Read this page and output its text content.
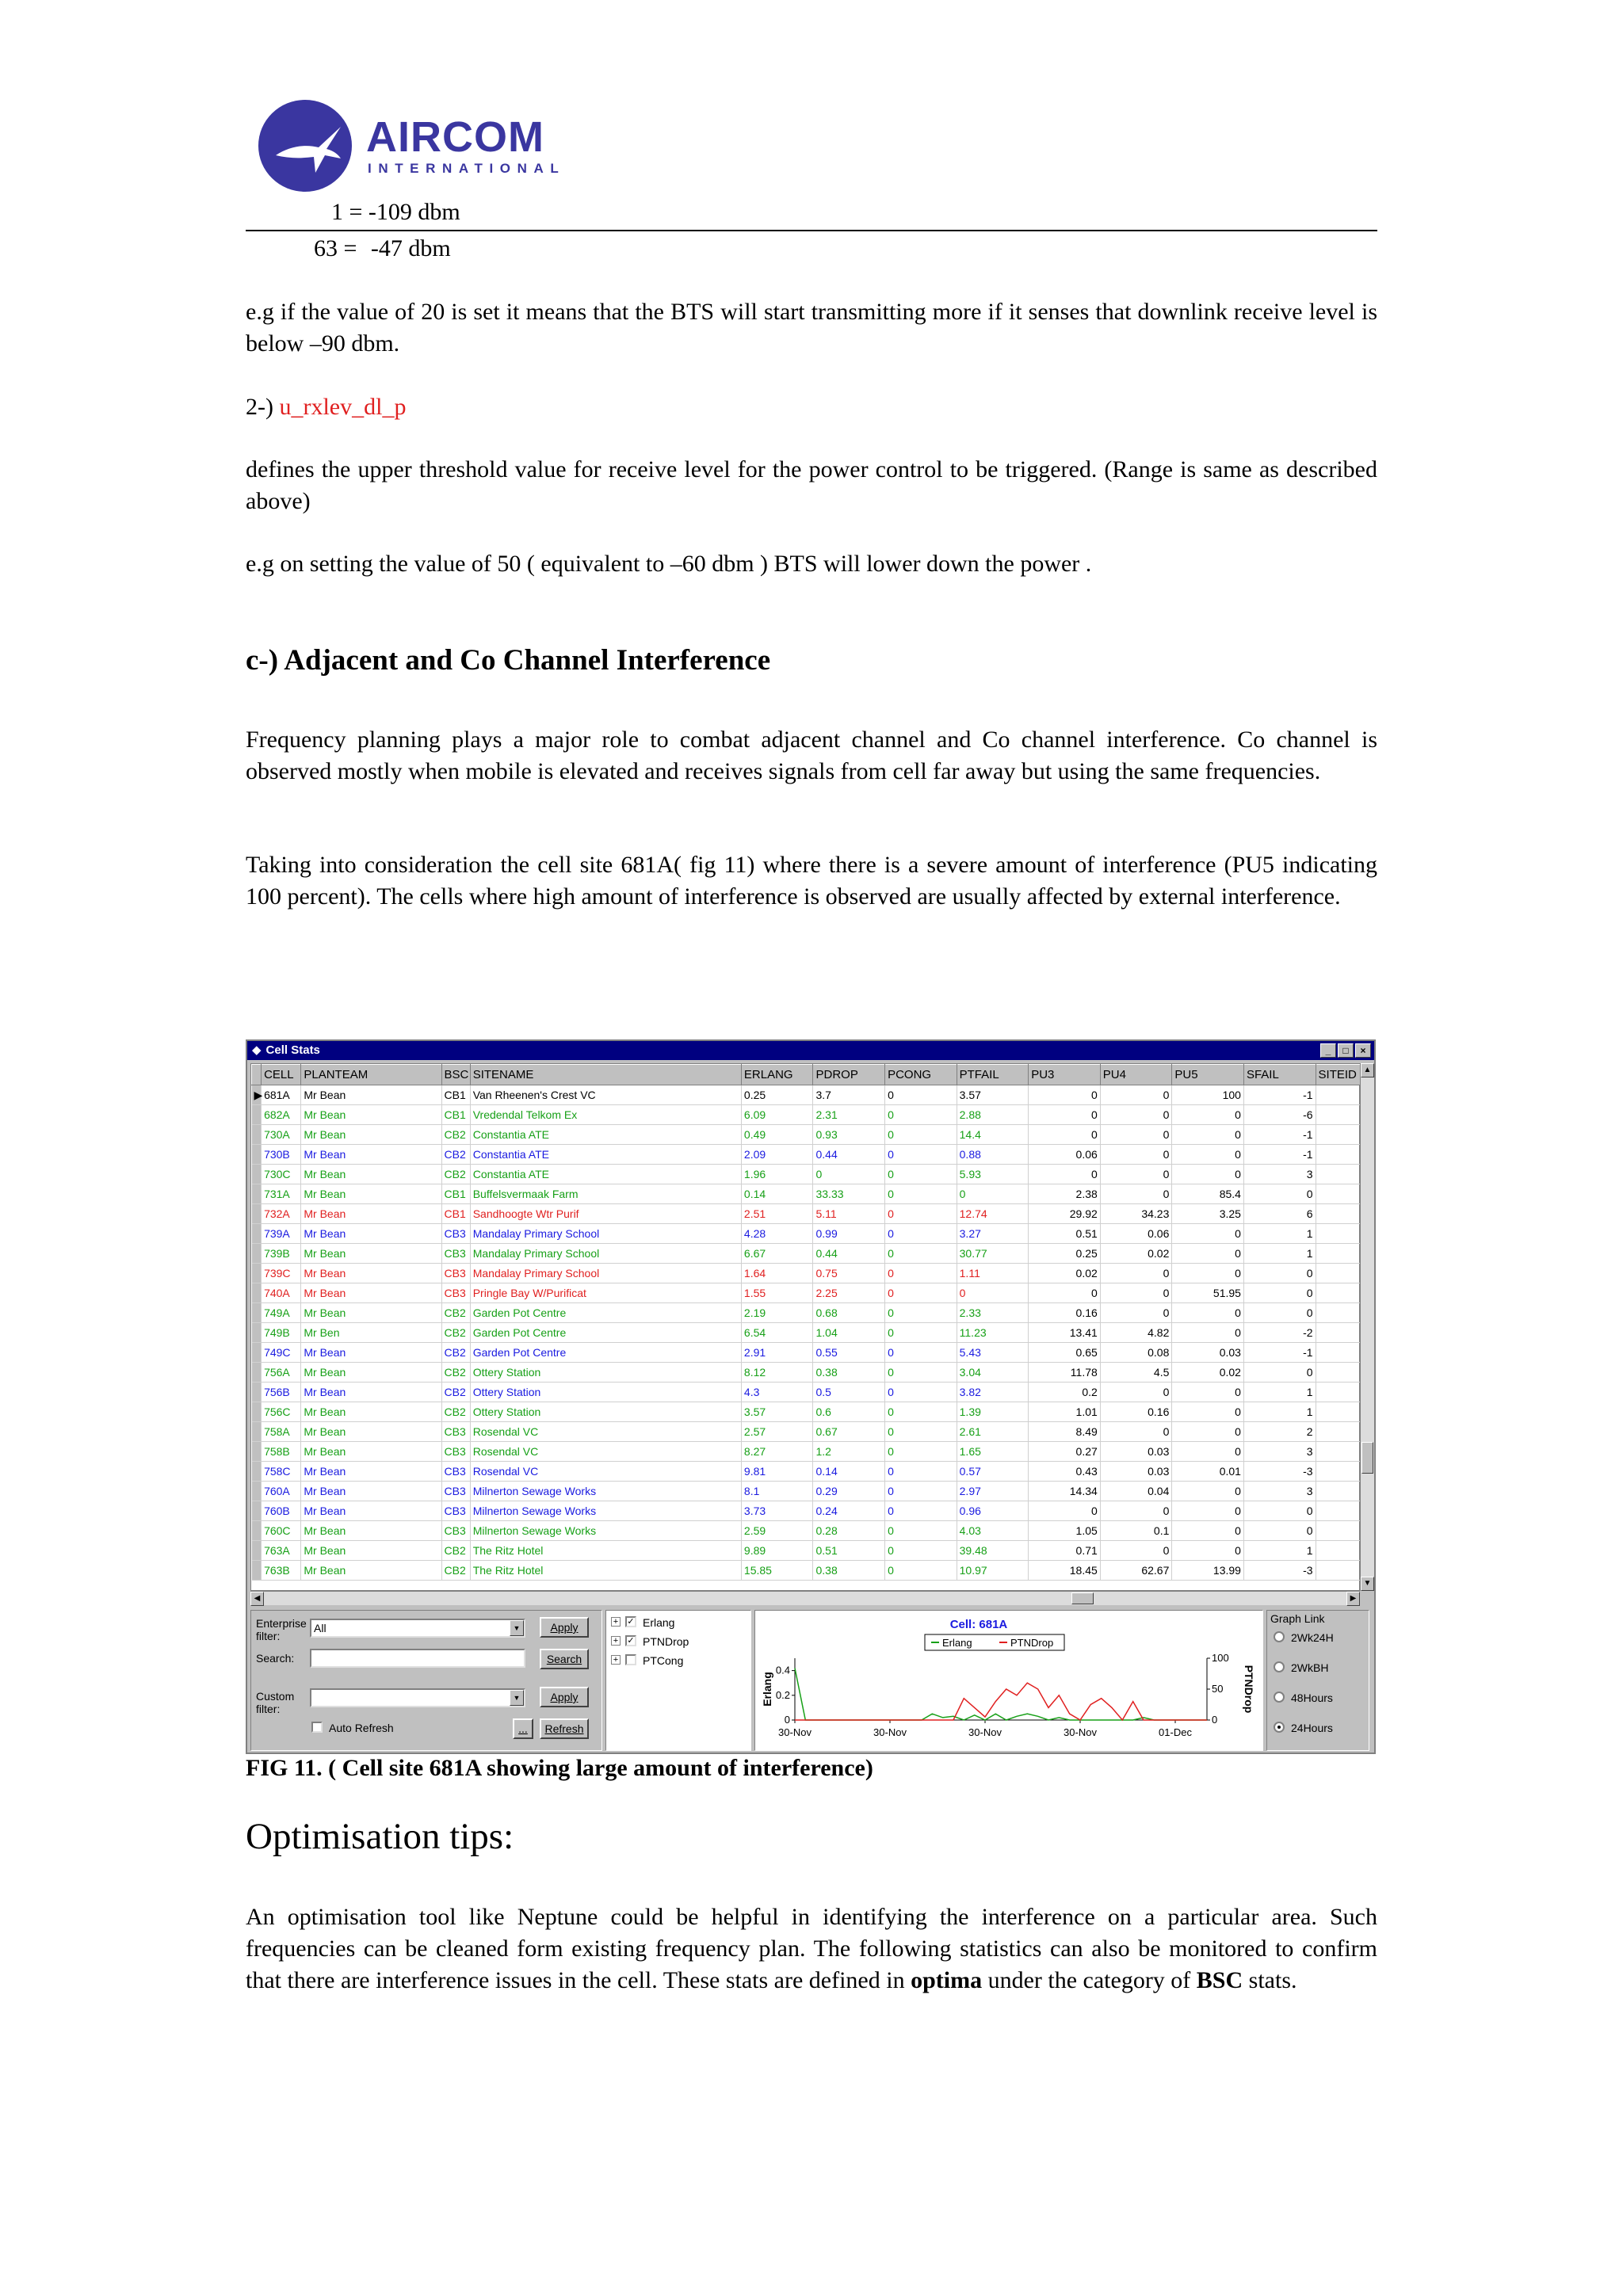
AIRCOM
INTERNATIONAL
1 = -109 dbm
63 = -47 dbm

e.g if the value of 20 is set it means that the BTS will start transmitting more if it senses that downlink receive level is below –90 dbm.

2-) u_rxlev_dl_p

defines the upper threshold value for receive level for the power control to be triggered. (Range is same as described above)

e.g on setting the value of 50 ( equivalent to –60 dbm ) BTS will lower down the power .

c-) Adjacent and Co Channel Interference

Frequency planning plays a major role to combat adjacent channel and Co channel interference. Co channel is observed mostly when mobile is elevated and receives signals from cell far away but using the same frequencies.

Taking into consideration the cell site 681A( fig 11) where there is a severe amount of interference (PU5 indicating 100 percent). The cells where high amount of interference is observed are usually affected by external interference.

◆ Cell Stats	_	□	×
	CELL	PLANTEAM	BSC	SITENAME	ERLANG	PDROP	PCONG	PTFAIL	PU3	PU4	PU5	SFAIL	SITEID
▶	681A	Mr Bean	CB1	Van Rheenen's Crest VC	0.25	3.7	0	3.57	0	0	100	-1	
	682A	Mr Bean	CB1	Vredendal Telkom Ex	6.09	2.31	0	2.88	0	0	0	-6	
	730A	Mr Bean	CB2	Constantia ATE	0.49	0.93	0	14.4	0	0	0	-1	
	730B	Mr Bean	CB2	Constantia ATE	2.09	0.44	0	0.88	0.06	0	0	-1	
	730C	Mr Bean	CB2	Constantia ATE	1.96	0	0	5.93	0	0	0	3	
	731A	Mr Bean	CB1	Buffelsvermaak Farm	0.14	33.33	0	0	2.38	0	85.4	0	
	732A	Mr Bean	CB1	Sandhoogte Wtr Purif	2.51	5.11	0	12.74	29.92	34.23	3.25	6	
	739A	Mr Bean	CB3	Mandalay Primary School	4.28	0.99	0	3.27	0.51	0.06	0	1	
	739B	Mr Bean	CB3	Mandalay Primary School	6.67	0.44	0	30.77	0.25	0.02	0	1	
	739C	Mr Bean	CB3	Mandalay Primary School	1.64	0.75	0	1.11	0.02	0	0	0	
	740A	Mr Bean	CB3	Pringle Bay W/Purificat	1.55	2.25	0	0	0	0	51.95	0	
	749A	Mr Bean	CB2	Garden Pot Centre	2.19	0.68	0	2.33	0.16	0	0	0	
	749B	Mr Ben	CB2	Garden Pot Centre	6.54	1.04	0	11.23	13.41	4.82	0	-2	
	749C	Mr Bean	CB2	Garden Pot Centre	2.91	0.55	0	5.43	0.65	0.08	0.03	-1	
	756A	Mr Bean	CB2	Ottery Station	8.12	0.38	0	3.04	11.78	4.5	0.02	0	
	756B	Mr Bean	CB2	Ottery Station	4.3	0.5	0	3.82	0.2	0	0	1	
	756C	Mr Bean	CB2	Ottery Station	3.57	0.6	0	1.39	1.01	0.16	0	1	
	758A	Mr Bean	CB3	Rosendal VC	2.57	0.67	0	2.61	8.49	0	0	2	
	758B	Mr Bean	CB3	Rosendal VC	8.27	1.2	0	1.65	0.27	0.03	0	3	
	758C	Mr Bean	CB3	Rosendal VC	9.81	0.14	0	0.57	0.43	0.03	0.01	-3	
	760A	Mr Bean	CB3	Milnerton Sewage Works	8.1	0.29	0	2.97	14.34	0.04	0	3	
	760B	Mr Bean	CB3	Milnerton Sewage Works	3.73	0.24	0	0.96	0	0	0	0	
	760C	Mr Bean	CB3	Milnerton Sewage Works	2.59	0.28	0	4.03	1.05	0.1	0	0	
	763A	Mr Bean	CB2	The Ritz Hotel	9.89	0.51	0	39.48	0.71	0	0	1	
	763B	Mr Bean	CB2	The Ritz Hotel	15.85	0.38	0	10.97	18.45	62.67	13.99	-3	
▲
▼
◀	▶
Enterprise
filter:
All	▼	Apply
Search:	Search
Custom
filter:
▼	Apply
Auto Refresh	...	Refresh
+ ✓ Erlang
+ ✓ PTNDrop
+ PTCong
Cell: 681A
Erlang	PTNDrop
0
0.2
0.4
0
50
100
Erlang	PTNDrop
30-Nov	30-Nov	30-Nov	30-Nov	01-Dec
Graph Link
2Wk24H
2WkBH
48Hours
24Hours

FIG 11. ( Cell site 681A showing large amount of interference)

Optimisation tips:

An optimisation tool like Neptune could be helpful in identifying the interference on a particular area. Such frequencies can be cleaned form existing frequency plan. The following statistics can also be monitored to confirm that there are interference issues in the cell. These stats are defined in optima under the category of BSC stats.
